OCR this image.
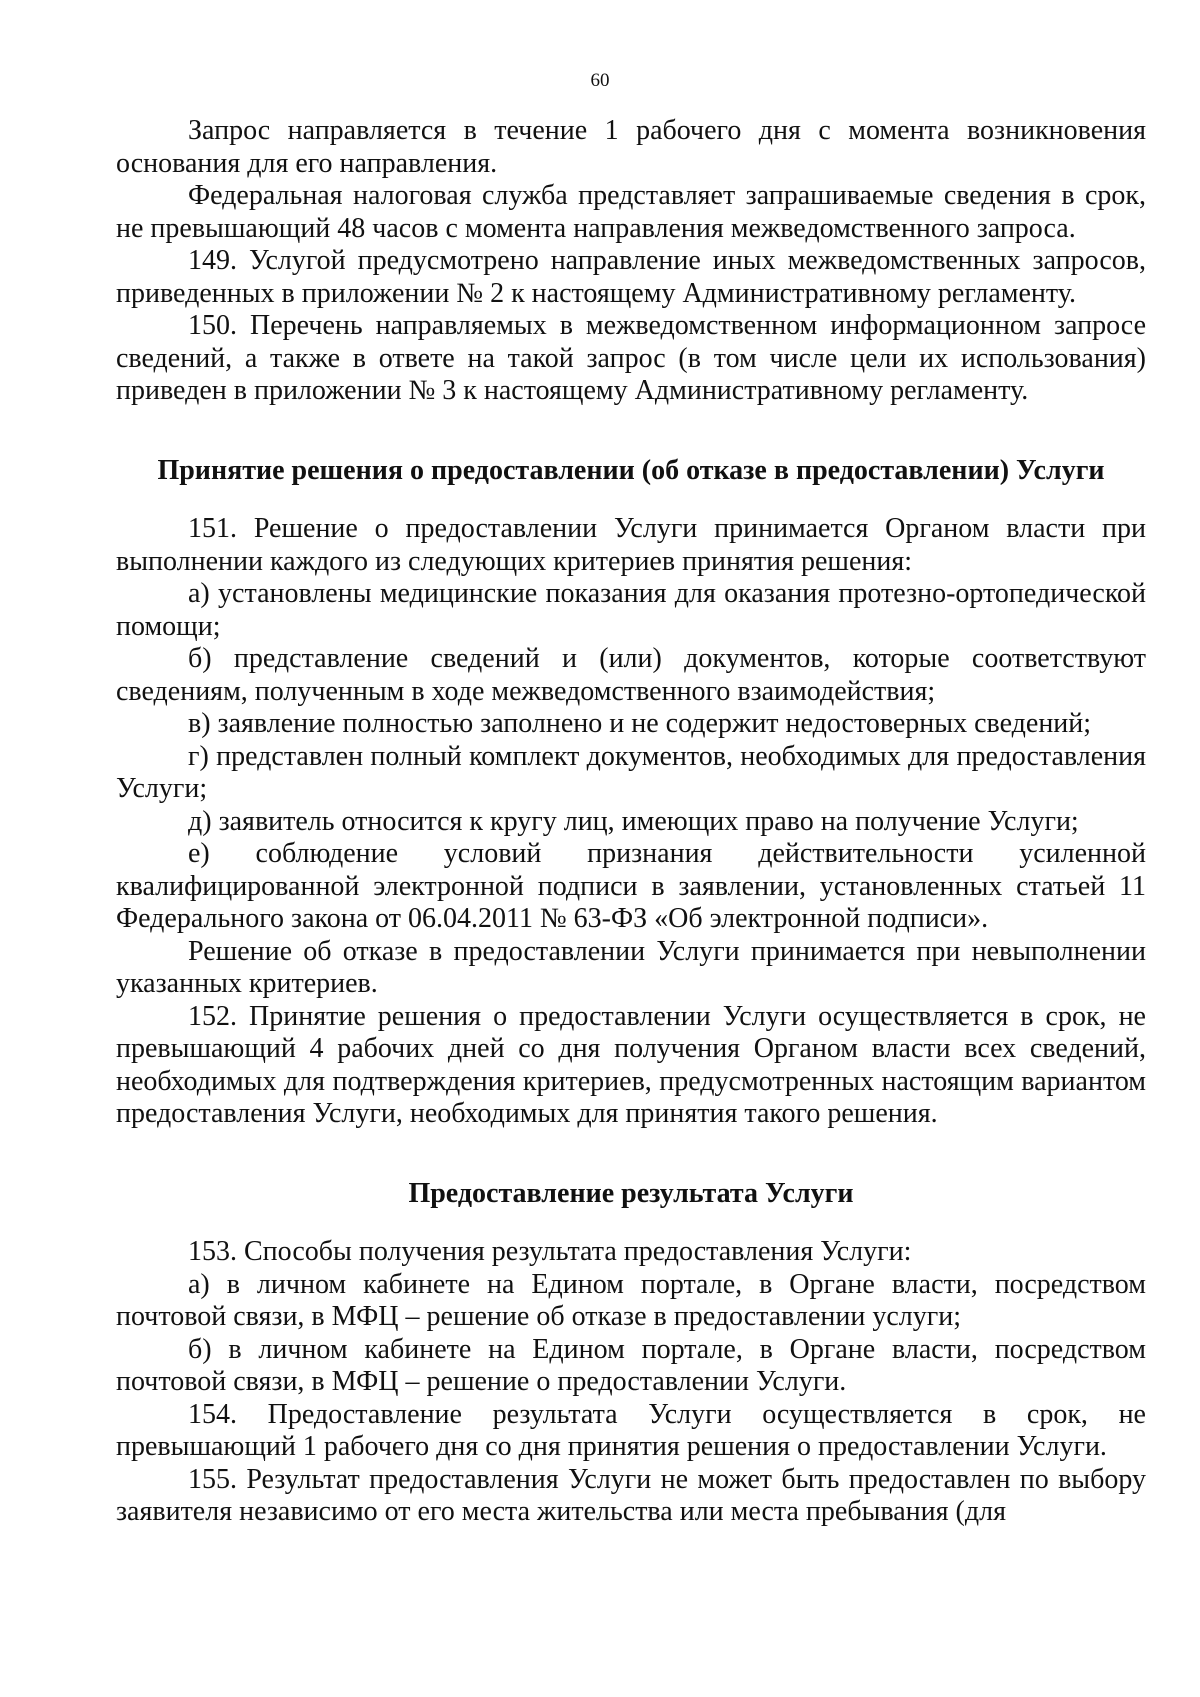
60

Запрос направляется в течение 1 рабочего дня с момента возникновения основания для его направления.

Федеральная налоговая служба представляет запрашиваемые сведения в срок, не превышающий 48 часов с момента направления межведомственного запроса.

149. Услугой предусмотрено направление иных межведомственных запросов, приведенных в приложении № 2 к настоящему Административному регламенту.

150. Перечень направляемых в межведомственном информационном запросе сведений, а также в ответе на такой запрос (в том числе цели их использования) приведен в приложении № 3 к настоящему Административному регламенту.

Принятие решения о предоставлении (об отказе в предоставлении) Услуги

151. Решение о предоставлении Услуги принимается Органом власти при выполнении каждого из следующих критериев принятия решения:

а) установлены медицинские показания для оказания протезно-ортопедической помощи;

б) представление сведений и (или) документов, которые соответствуют сведениям, полученным в ходе межведомственного взаимодействия;

в) заявление полностью заполнено и не содержит недостоверных сведений;

г) представлен полный комплект документов, необходимых для предоставления Услуги;

д) заявитель относится к кругу лиц, имеющих право на получение Услуги;

е) соблюдение условий признания действительности усиленной квалифицированной электронной подписи в заявлении, установленных статьей 11 Федерального закона от 06.04.2011 № 63-ФЗ «Об электронной подписи».

Решение об отказе в предоставлении Услуги принимается при невыполнении указанных критериев.

152. Принятие решения о предоставлении Услуги осуществляется в срок, не превышающий 4 рабочих дней со дня получения Органом власти всех сведений, необходимых для подтверждения критериев, предусмотренных настоящим вариантом предоставления Услуги, необходимых для принятия такого решения.

Предоставление результата Услуги

153. Способы получения результата предоставления Услуги:

а) в личном кабинете на Едином портале, в Органе власти, посредством почтовой связи, в МФЦ – решение об отказе в предоставлении услуги;

б) в личном кабинете на Едином портале, в Органе власти, посредством почтовой связи, в МФЦ – решение о предоставлении Услуги.

154. Предоставление результата Услуги осуществляется в срок, не превышающий 1 рабочего дня со дня принятия решения о предоставлении Услуги.

155. Результат предоставления Услуги не может быть предоставлен по выбору заявителя независимо от его места жительства или места пребывания (для
